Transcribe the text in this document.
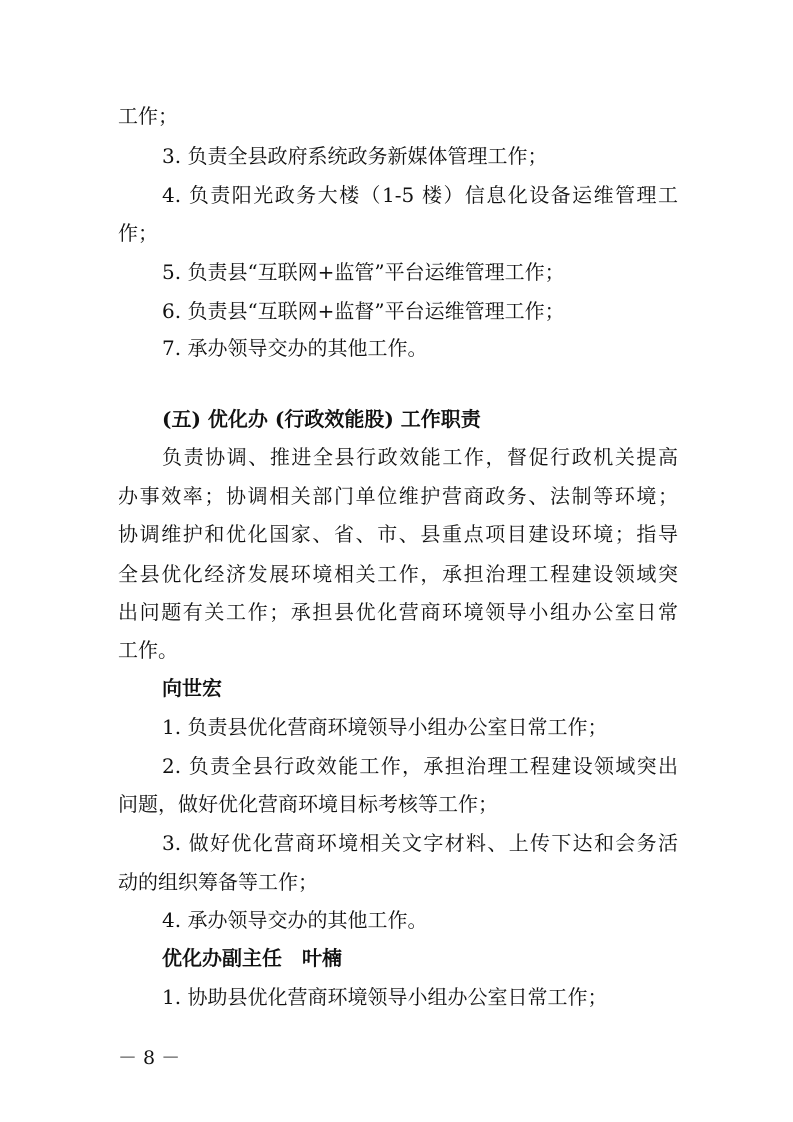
工作；
3. 负责全县政府系统政务新媒体管理工作；
4. 负责阳光政务大楼（1-5 楼）信息化设备运维管理工
作；
5. 负责县“互联网+监管”平台运维管理工作；
6. 负责县“互联网+监督”平台运维管理工作；
7. 承办领导交办的其他工作。
(五) 优化办 (行政效能股) 工作职责
负责协调、推进全县行政效能工作，督促行政机关提高
办事效率；协调相关部门单位维护营商政务、法制等环境；
协调维护和优化国家、省、市、县重点项目建设环境；指导
全县优化经济发展环境相关工作，承担治理工程建设领域突
出问题有关工作；承担县优化营商环境领导小组办公室日常
工作。
向世宏
1. 负责县优化营商环境领导小组办公室日常工作；
2. 负责全县行政效能工作，承担治理工程建设领域突出
问题，做好优化营商环境目标考核等工作；
3. 做好优化营商环境相关文字材料、上传下达和会务活
动的组织筹备等工作；
4. 承办领导交办的其他工作。
优化办副主任　叶楠
1. 协助县优化营商环境领导小组办公室日常工作；
－ 8 －
